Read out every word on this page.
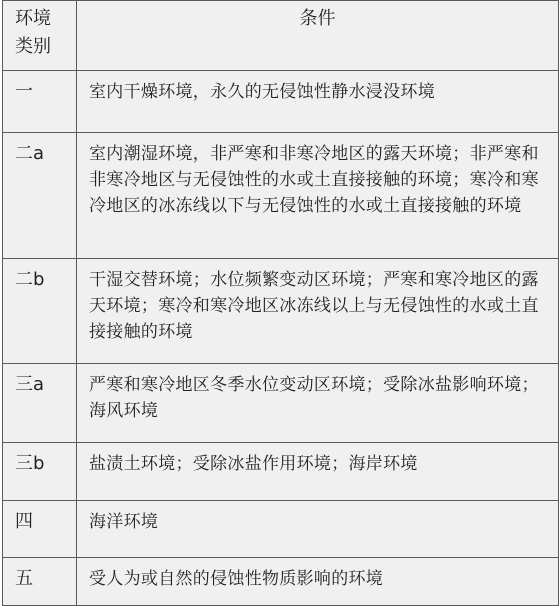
环境
类别	条件

一	室内干燥环境，永久的无侵蚀性静水浸没环境

二a	室内潮湿环境，非严寒和非寒冷地区的露天环境；非严寒和非寒冷地区与无侵蚀性的水或土直接接触的环境；寒冷和寒冷地区的冰冻线以下与无侵蚀性的水或土直接接触的环境

二b	干湿交替环境；水位频繁变动区环境；严寒和寒冷地区的露天环境；寒冷和寒冷地区冰冻线以上与无侵蚀性的水或土直接接触的环境

三a	严寒和寒冷地区冬季水位变动区环境；受除冰盐影响环境；海风环境

三b	盐渍土环境；受除冰盐作用环境；海岸环境

四	海洋环境

五	受人为或自然的侵蚀性物质影响的环境
